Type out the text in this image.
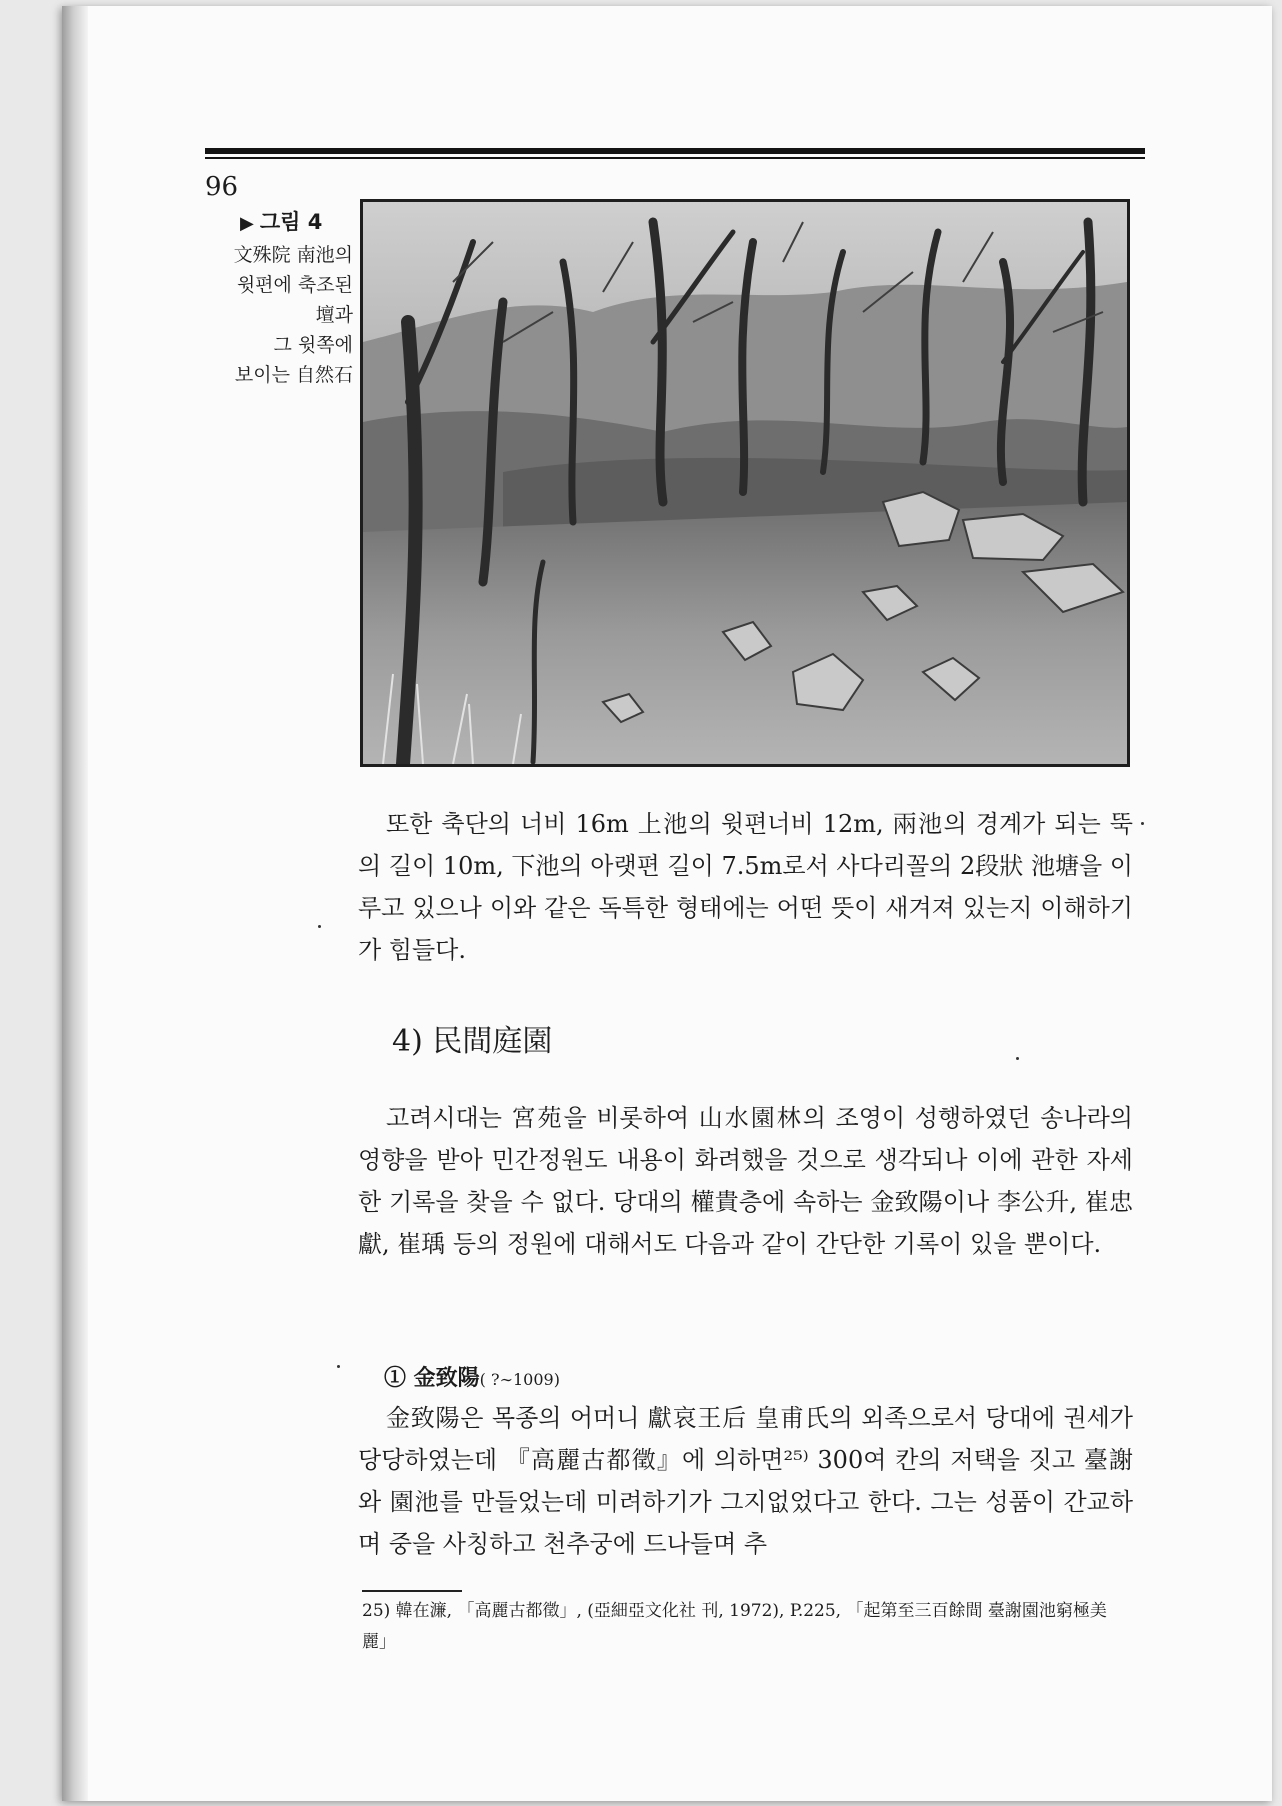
96
▶ 그림 4
文殊院 南池의
윗편에 축조된
壇과
그 윗쪽에
보이는 自然石
또한 축단의 너비 16m 上池의 윗편너비 12m, 兩池의 경계가 되는 뚝의 길이 10m, 下池의 아랫편 길이 7.5m로서 사다리꼴의 2段狀 池塘을 이루고 있으나 이와 같은 독특한 형태에는 어떤 뜻이 새겨져 있는지 이해하기가 힘들다.
4) 民間庭園
고려시대는 宮苑을 비롯하여 山水園林의 조영이 성행하였던 송나라의 영향을 받아 민간정원도 내용이 화려했을 것으로 생각되나 이에 관한 자세한 기록을 찾을 수 없다. 당대의 權貴층에 속하는 金致陽이나 李公升, 崔忠獻, 崔瑀 등의 정원에 대해서도 다음과 같이 간단한 기록이 있을 뿐이다.
① 金致陽( ?∼1009)
金致陽은 목종의 어머니 獻哀王后 皇甫氏의 외족으로서 당대에 권세가 당당하였는데 『高麗古都徵』에 의하면²⁵⁾ 300여 칸의 저택을 짓고 臺謝와 園池를 만들었는데 미려하기가 그지없었다고 한다. 그는 성품이 간교하며 중을 사칭하고 천추궁에 드나들며 추
25) 韓在濂, 「高麗古都徵」, (亞細亞文化社 刊, 1972), P.225, 「起第至三百餘間 臺謝園池窮極美麗」
